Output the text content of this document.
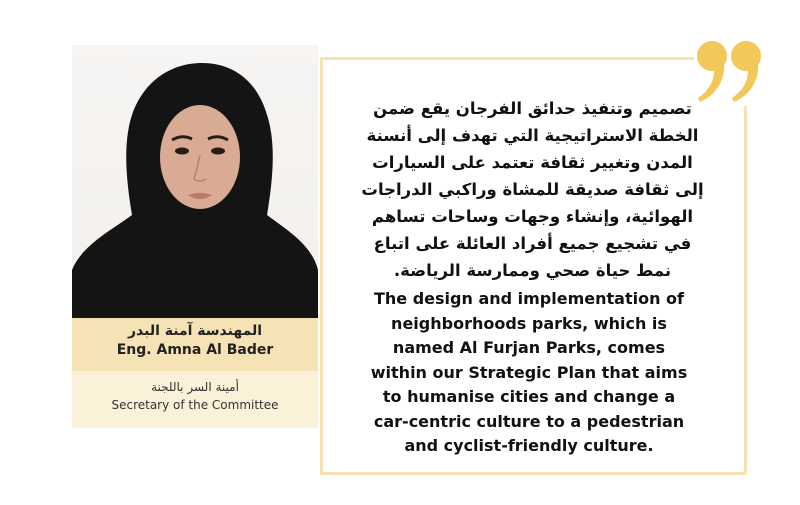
المهندسة آمنة البدر
Eng. Amna Al Bader
أمينة السر باللجنة
Secretary of the Committee
تصميم وتنفيذ حدائق الفرجان يقع ضمن
الخطة الاستراتيجية التي تهدف إلى أنسنة
المدن وتغيير ثقافة تعتمد على السيارات
إلى ثقافة صديقة للمشاة وراكبي الدراجات
الهوائية، وإنشاء وجهات وساحات تساهم
في تشجيع جميع أفراد العائلة على اتباع
نمط حياة صحي وممارسة الرياضة.
The design and implementation of
neighborhoods parks, which is
named Al Furjan Parks, comes
within our Strategic Plan that aims
to humanise cities and change a
car-centric culture to a pedestrian
and cyclist-friendly culture.
